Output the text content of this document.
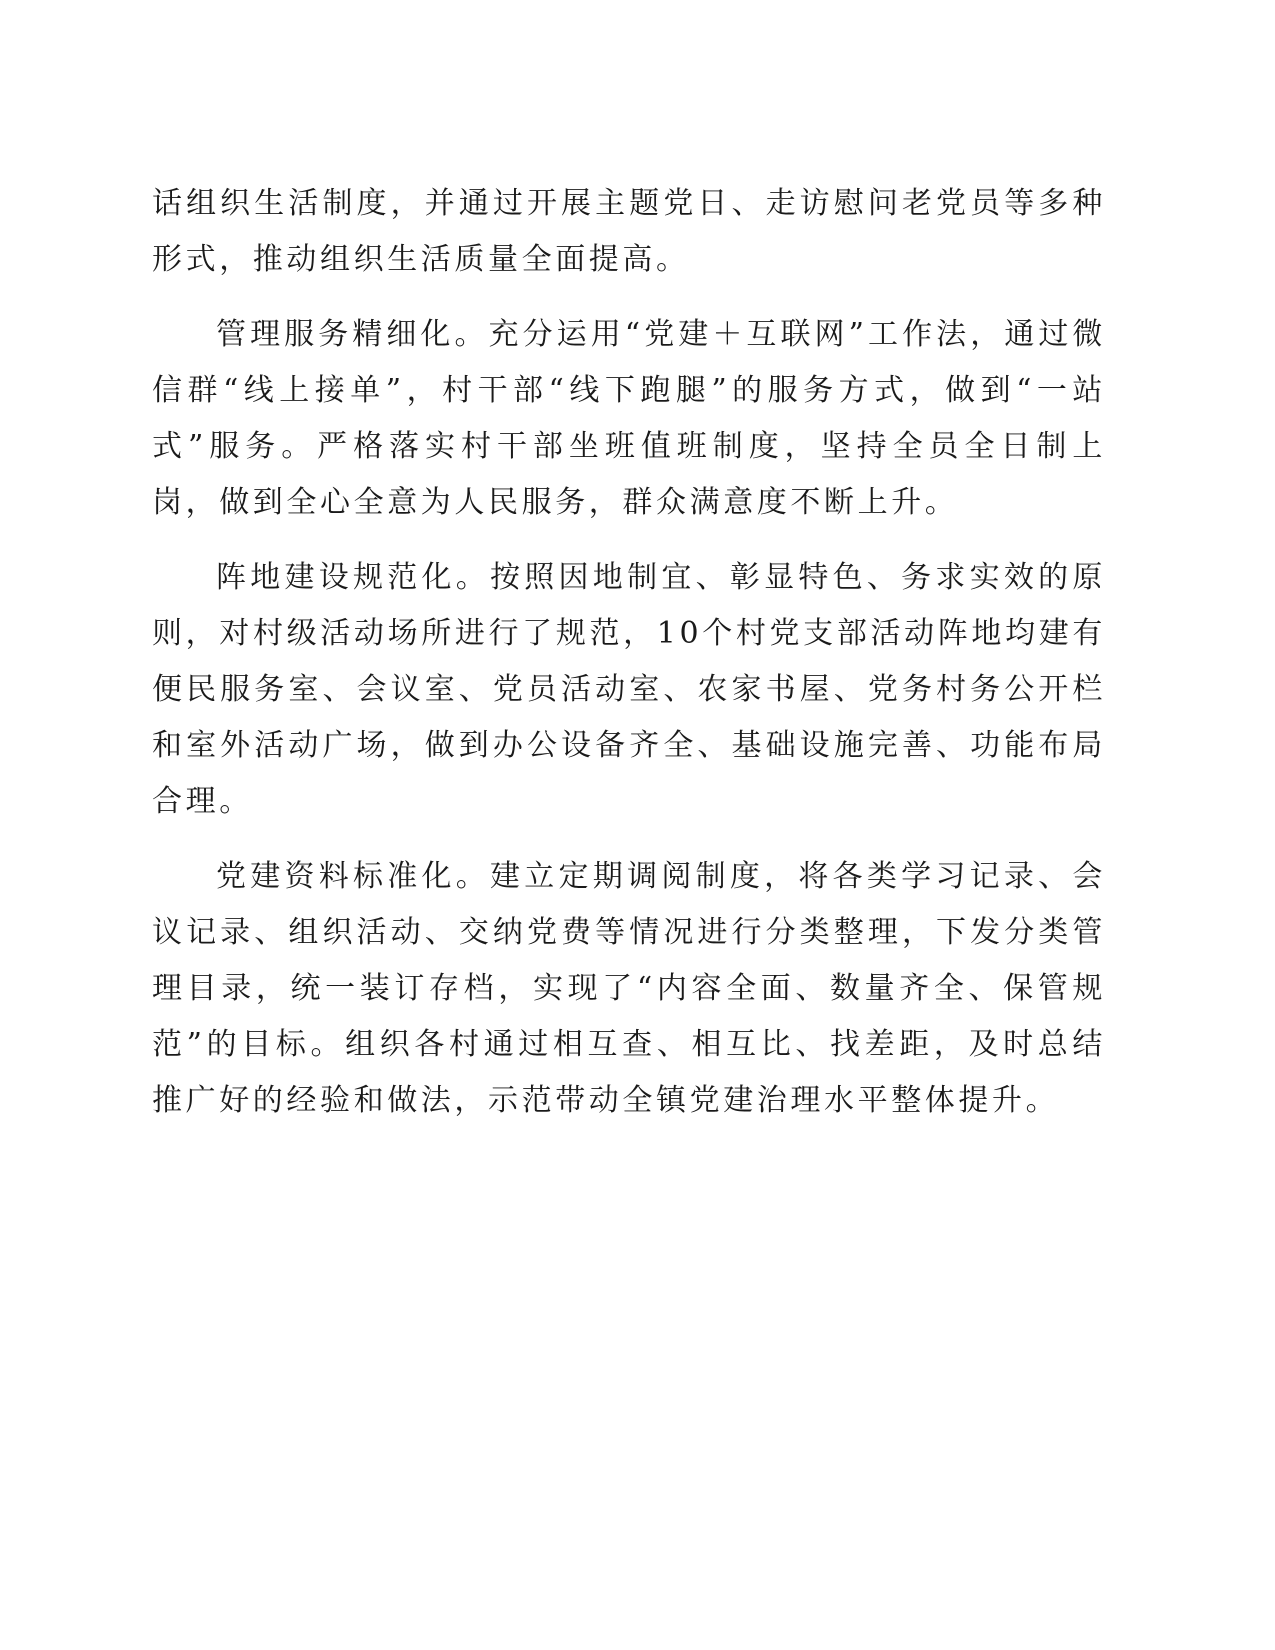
话组织生活制度，并通过开展主题党日、走访慰问老党员等多种形式，推动组织生活质量全面提高。

管理服务精细化。充分运用“党建＋互联网”工作法，通过微信群“线上接单”，村干部“线下跑腿”的服务方式，做到“一站式”服务。严格落实村干部坐班值班制度，坚持全员全日制上岗，做到全心全意为人民服务，群众满意度不断上升。

阵地建设规范化。按照因地制宜、彰显特色、务求实效的原则，对村级活动场所进行了规范，10个村党支部活动阵地均建有便民服务室、会议室、党员活动室、农家书屋、党务村务公开栏和室外活动广场，做到办公设备齐全、基础设施完善、功能布局合理。

党建资料标准化。建立定期调阅制度，将各类学习记录、会议记录、组织活动、交纳党费等情况进行分类整理，下发分类管理目录，统一装订存档，实现了“内容全面、数量齐全、保管规范”的目标。组织各村通过相互查、相互比、找差距，及时总结推广好的经验和做法，示范带动全镇党建治理水平整体提升。
